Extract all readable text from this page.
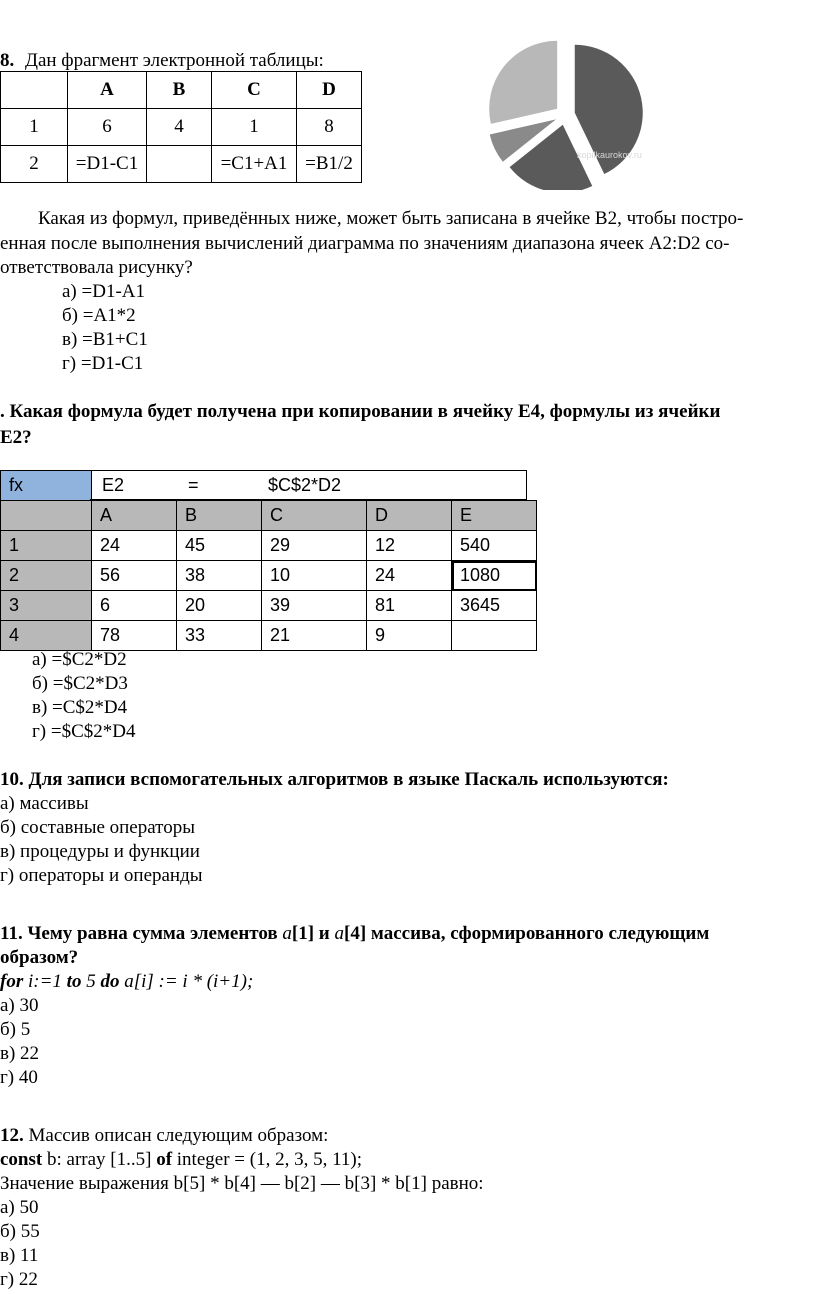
8. Дан фрагмент электронной таблицы:
	A	B	C	D
1	6	4	1	8
2	=D1-C1		=C1+A1	=B1/2	kopilkaurokov.ru
Какая из формул, приведённых ниже, может быть записана в ячейке B2, чтобы постро-
енная после выполнения вычислений диаграмма по значениям диапазона ячеек A2:D2 со-
ответствовала рисунку?
а) =D1-A1
б) =A1*2
в) =B1+C1
г) =D1-C1
. Какая формула будет получена при копировании в ячейку E4, формулы из ячейки
E2?
fx					
	A	B	C	D	E
1	24	45	29	12	540
2	56	38	10	24	1080
3	6	20	39	81	3645
4	78	33	21	9	
E2	=	$C$2*D2
а) =$C2*D2
б) =$C2*D3
в) =C$2*D4
г) =$C$2*D4
10. Для записи вспомогательных алгоритмов в языке Паскаль используются:
а) массивы
б) составные операторы
в) процедуры и функции
г) операторы и операнды
11. Чему равна сумма элементов a[1] и a[4] массива, сформированного следующим
образом?
for i:=1 to 5 do a[i] := i * (i+1);
а) 30
б) 5
в) 22
г) 40
12. Массив описан следующим образом:
const b: array [1..5] of integer = (1, 2, 3, 5, 11);
Значение выражения b[5] * b[4] — b[2] — b[3] * b[1] равно:
а) 50
б) 55
в) 11
г) 22
